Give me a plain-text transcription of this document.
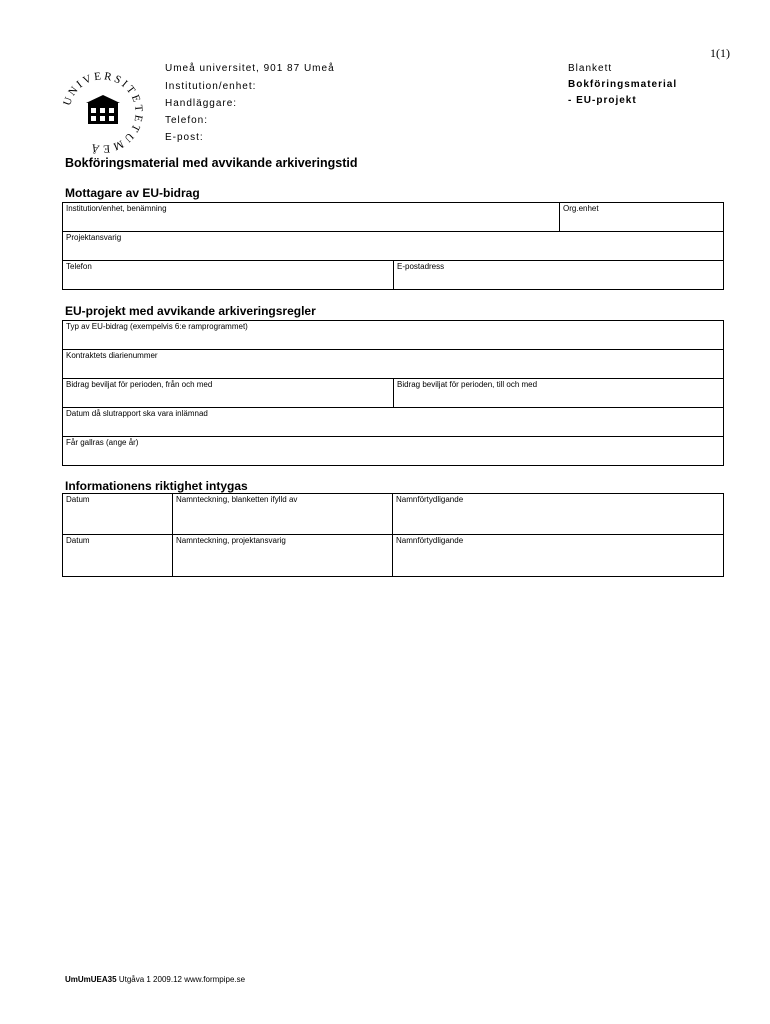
1(1)
UNIVERSITETET
UMEÅ
Umeå universitet, 901 87 Umeå
Institution/enhet:
Handläggare:
Telefon:
E-post:
Blankett
Bokföringsmaterial
- EU-projekt
Bokföringsmaterial med avvikande arkiveringstid
Mottagare av EU-bidrag
Institution/enhet, benämning		Org.enhet
Projektansvarig		
Telefon	E-postadress	
EU-projekt med avvikande arkiveringsregler
Typ av EU-bidrag (exempelvis 6:e ramprogrammet)
Kontraktets diarienummer
Bidrag beviljat för perioden, från och med	Bidrag beviljat för perioden, till och med
Datum då slutrapport ska vara inlämnad
Får gallras (ange år)
Informationens riktighet intygas
Datum	Namnteckning, blanketten ifylld av	Namnförtydligande
Datum	Namnteckning, projektansvarig	Namnförtydligande
UmUmUEA35 Utgåva 1 2009.12 www.formpipe.se
